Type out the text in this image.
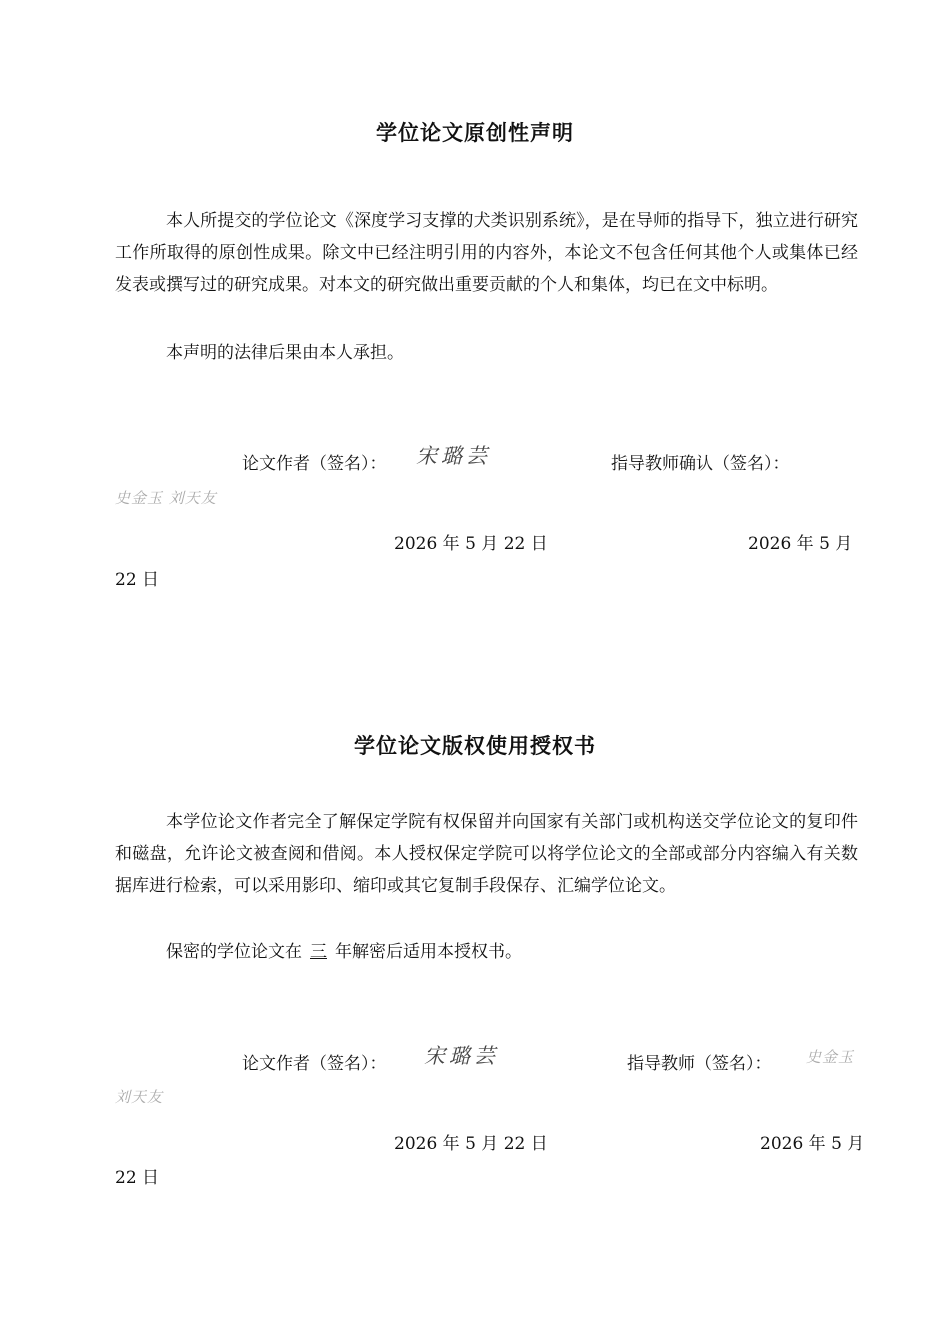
学位论文原创性声明
本人所提交的学位论文《深度学习支撑的犬类识别系统》，是在导师的指导下，独立进行研究工作所取得的原创性成果。除文中已经注明引用的内容外，本论文不包含任何其他个人或集体已经发表或撰写过的研究成果。对本文的研究做出重要贡献的个人和集体，均已在文中标明。
本声明的法律后果由本人承担。
论文作者（签名）： 宋璐芸	指导教师确认（签名）：
史金玉 刘天友
2026 年 5 月 22 日	2026 年 5 月
22 日
学位论文版权使用授权书
本学位论文作者完全了解保定学院有权保留并向国家有关部门或机构送交学位论文的复印件和磁盘，允许论文被查阅和借阅。本人授权保定学院可以将学位论文的全部或部分内容编入有关数据库进行检索，可以采用影印、缩印或其它复制手段保存、汇编学位论文。
保密的学位论文在 三 年解密后适用本授权书。
论文作者（签名）： 宋璐芸	指导教师（签名）： 史金玉
刘天友
2026 年 5 月 22 日	2026 年 5 月
22 日
